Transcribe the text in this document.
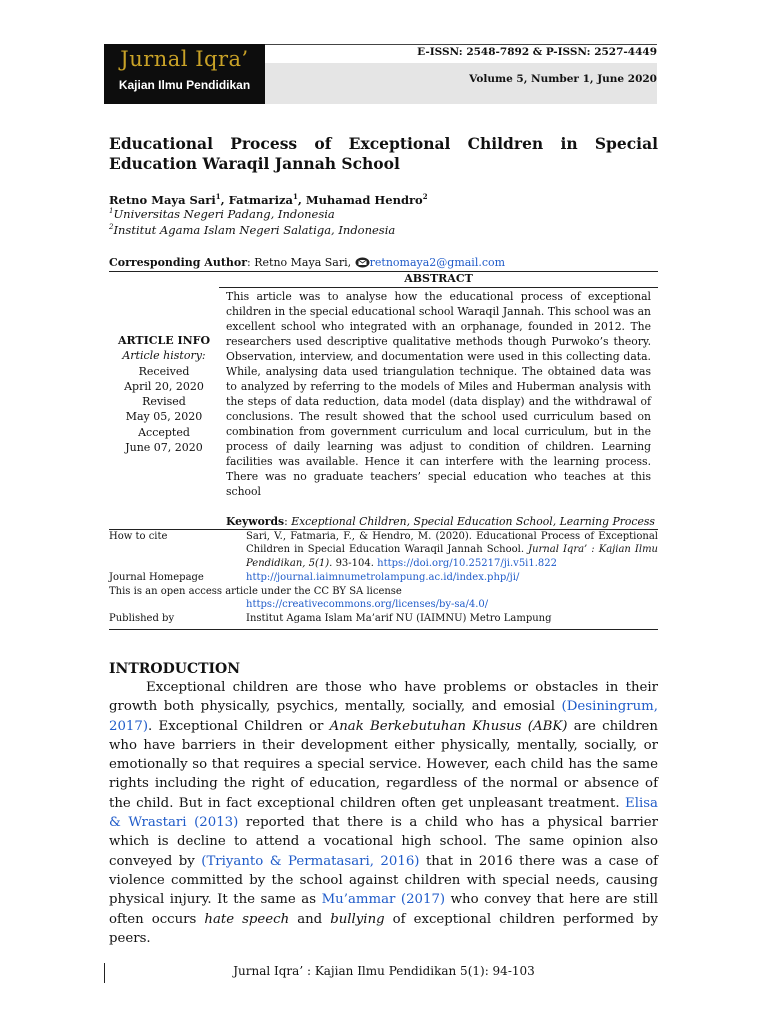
Jurnal Iqra’
Kajian Ilmu Pendidikan
E-ISSN: 2548-7892 & P-ISSN: 2527-4449
Volume 5, Number 1, June 2020
Educational Process of Exceptional Children in Special Education Waraqil Jannah School
Retno Maya Sari$^1$, Fatmariza$^1$, Muhamad Hendro$^2$
$^1$Universitas Negeri Padang, Indonesia
$^2$Institut Agama Islam Negeri Salatiga, Indonesia
Corresponding Author: Retno Maya Sari, retnomaya2@gmail.com
ABSTRACT
ARTICLE INFO
Article history:
Received
April 20, 2020
Revised
May 05, 2020
Accepted
June 07, 2020
This article was to analyse how the educational process of exceptional children in the special educational school Waraqil Jannah. This school was an excellent school who integrated with an orphanage, founded in 2012. The researchers used descriptive qualitative methods though Purwoko’s theory. Observation, interview, and documentation were used in this collecting data. While, analysing data used triangulation technique. The obtained data was to analyzed by referring to the models of Miles and Huberman analysis with the steps of data reduction, data model (data display) and the withdrawal of conclusions. The result showed that the school used curriculum based on combination from government curriculum and local curriculum, but in the process of daily learning was adjust to condition of children. Learning facilities was available. Hence it can interfere with the learning process. There was no graduate teachers’ special education who teaches at this school
Keywords: Exceptional Children, Special Education School, Learning Process
How to cite	Sari, V., Fatmaria, F., & Hendro, M. (2020). Educational Process of Exceptional Children in Special Education Waraqil Jannah School. Jurnal Iqra’ : Kajian Ilmu Pendidikan, 5(1). 93-104. https://doi.org/10.25217/ji.v5i1.822
Journal Homepage	http://journal.iaimnumetrolampung.ac.id/index.php/ji/
This is an open access article under the CC BY SA license
https://creativecommons.org/licenses/by-sa/4.0/
Published by	Institut Agama Islam Ma’arif NU (IAIMNU) Metro Lampung
INTRODUCTION
Exceptional children are those who have problems or obstacles in their growth both physically, psychics, mentally, socially, and emosial (Desiningrum, 2017). Exceptional Children or Anak Berkebutuhan Khusus (ABK) are children who have barriers in their development either physically, mentally, socially, or emotionally so that requires a special service. However, each child has the same rights including the right of education, regardless of the normal or absence of the child. But in fact exceptional children often get unpleasant treatment. Elisa & Wrastari (2013) reported that there is a child who has a physical barrier which is decline to attend a vocational high school. The same opinion also conveyed by (Triyanto & Permatasari, 2016) that in 2016 there was a case of violence committed by the school against children with special needs, causing physical injury. It the same as Mu’ammar (2017) who convey that here are still often occurs hate speech and bullying of exceptional children performed by peers.
Jurnal Iqra’ : Kajian Ilmu Pendidikan 5(1): 94-103
